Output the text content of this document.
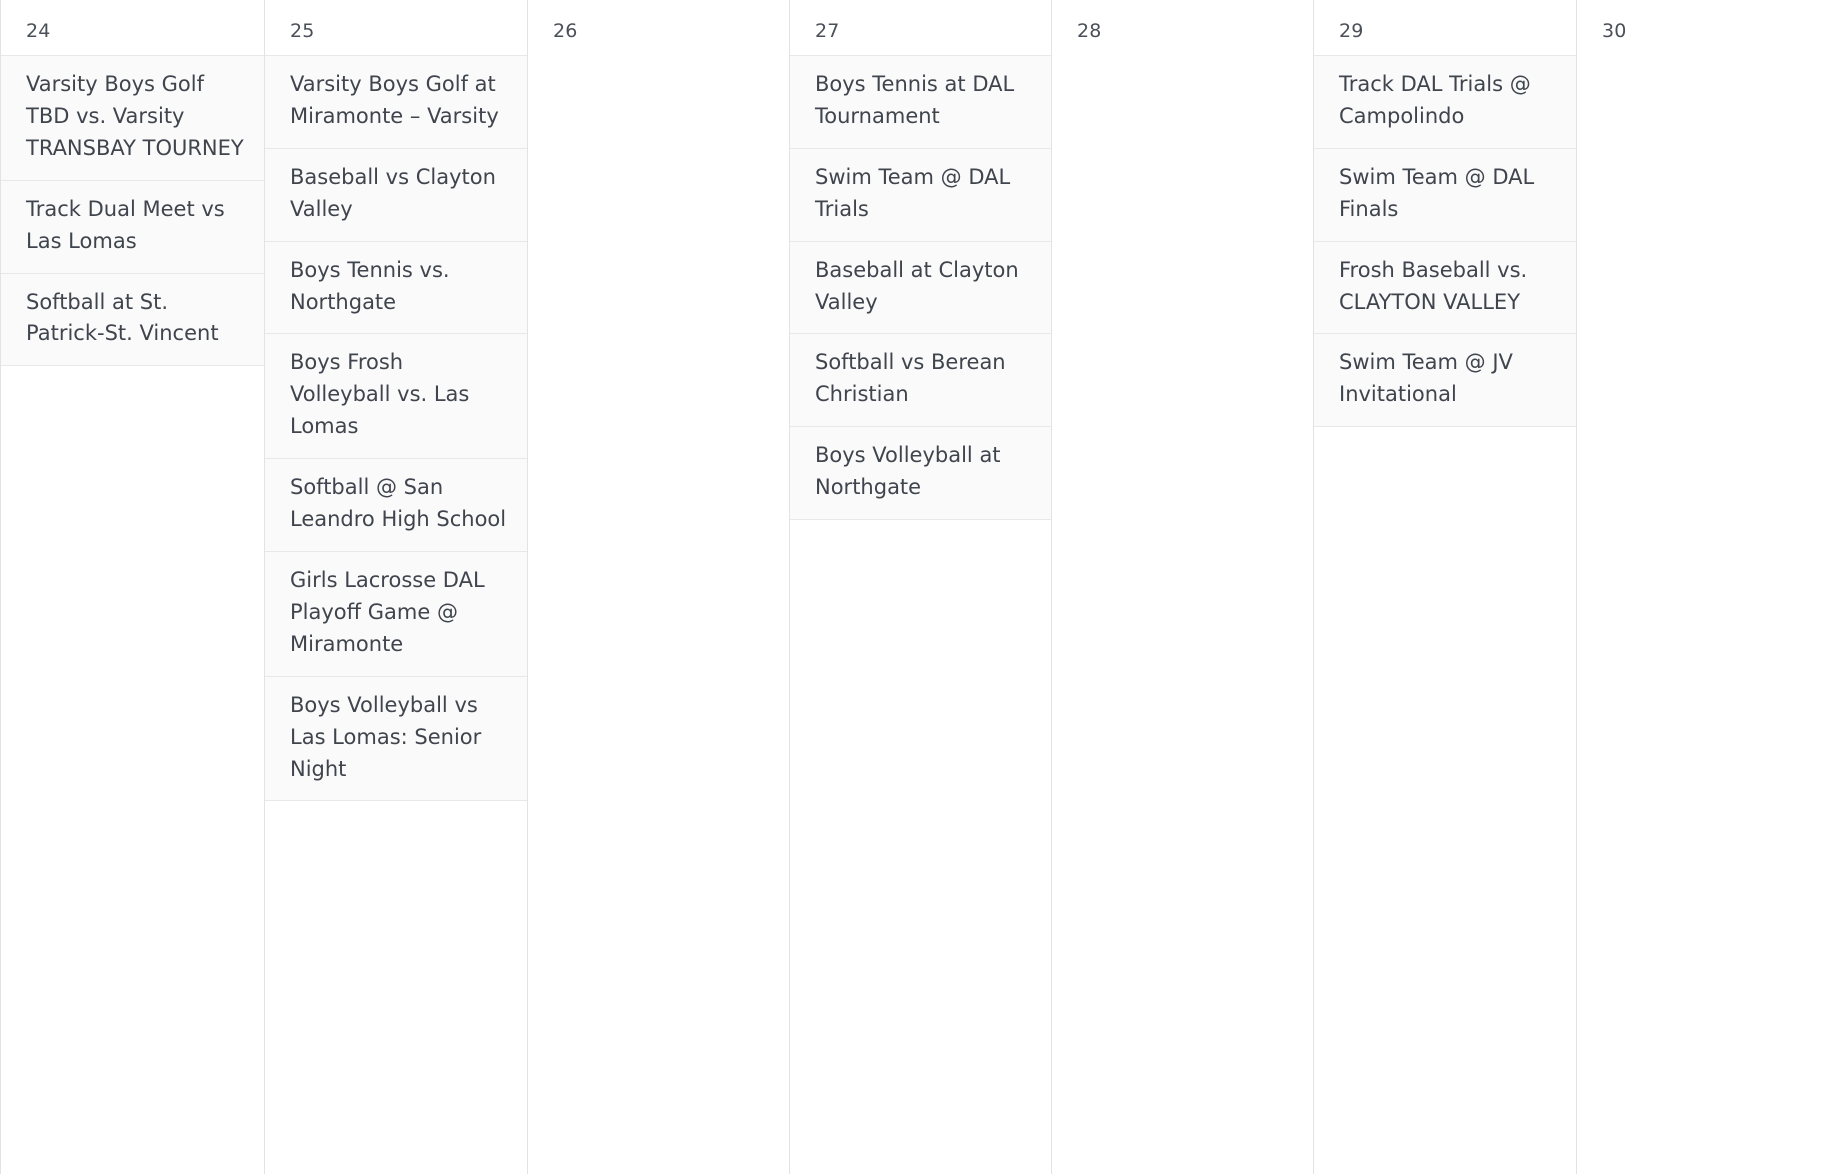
24
Varsity Boys Golf TBD vs. Varsity TRANSBAY TOURNEY
Track Dual Meet vs Las Lomas
Softball at St. Patrick-St. Vincent
25
Varsity Boys Golf at Miramonte – Varsity
Baseball vs Clayton Valley
Boys Tennis vs. Northgate
Boys Frosh Volleyball vs. Las Lomas
Softball @ San Leandro High School
Girls Lacrosse DAL Playoff Game @ Miramonte
Boys Volleyball vs Las Lomas: Senior Night
26	27
Boys Tennis at DAL Tournament
Swim Team @ DAL Trials
Baseball at Clayton Valley
Softball vs Berean Christian
Boys Volleyball at Northgate
28	29
Track DAL Trials @ Campolindo
Swim Team @ DAL Finals
Frosh Baseball vs. CLAYTON VALLEY
Swim Team @ JV Invitational
30
